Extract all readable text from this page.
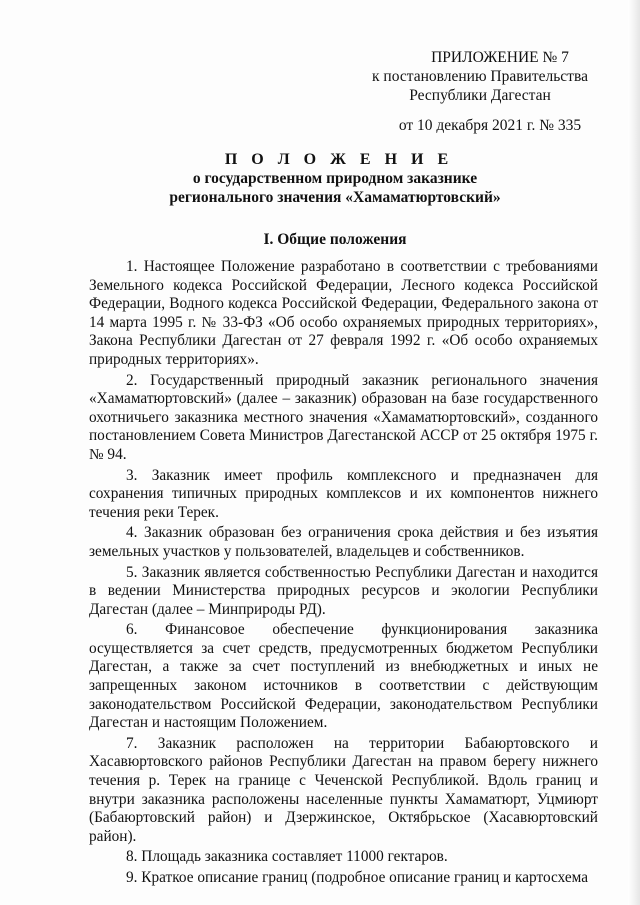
ПРИЛОЖЕНИЕ № 7
к постановлению Правительства
Республики Дагестан
от 10 декабря 2021 г. № 335
П О Л О Ж Е Н И Е
о государственном природном заказнике
регионального значения «Хамаматюртовский»
I. Общие положения

1. Настоящее Положение разработано в соответствии с требованиями Земельного кодекса Российской Федерации, Лесного кодекса Российской Федерации, Водного кодекса Российской Федерации, Федерального закона от 14 марта 1995 г. № 33-ФЗ «Об особо охраняемых природных территориях», Закона Республики Дагестан от 27 февраля 1992 г. «Об особо охраняемых природных территориях».

2. Государственный природный заказник регионального значения «Хамаматюртовский» (далее – заказник) образован на базе государственного охотничьего заказника местного значения «Хамаматюртовский», созданного постановлением Совета Министров Дагестанской АССР от 25 октября 1975 г. № 94.

3. Заказник имеет профиль комплексного и предназначен для сохранения типичных природных комплексов и их компонентов нижнего течения реки Терек.

4. Заказник образован без ограничения срока действия и без изъятия земельных участков у пользователей, владельцев и собственников.

5. Заказник является собственностью Республики Дагестан и находится в ведении Министерства природных ресурсов и экологии Республики Дагестан (далее – Минприроды РД).

6. Финансовое обеспечение функционирования заказника осуществляется за счет средств, предусмотренных бюджетом Республики Дагестан, а также за счет поступлений из внебюджетных и иных не запрещенных законом источников в соответствии с действующим законодательством Российской Федерации, законодательством Республики Дагестан и настоящим Положением.

7. Заказник расположен на территории Бабаюртовского и Хасавюртовского районов Республики Дагестан на правом берегу нижнего течения р. Терек на границе с Чеченской Республикой. Вдоль границ и внутри заказника расположены населенные пункты Хамаматюрт, Уцмиюрт (Бабаюртовский район) и Дзержинское, Октябрьское (Хасавюртовский район).

8. Площадь заказника составляет 11000 гектаров.

9. Краткое описание границ (подробное описание границ и картосхема
